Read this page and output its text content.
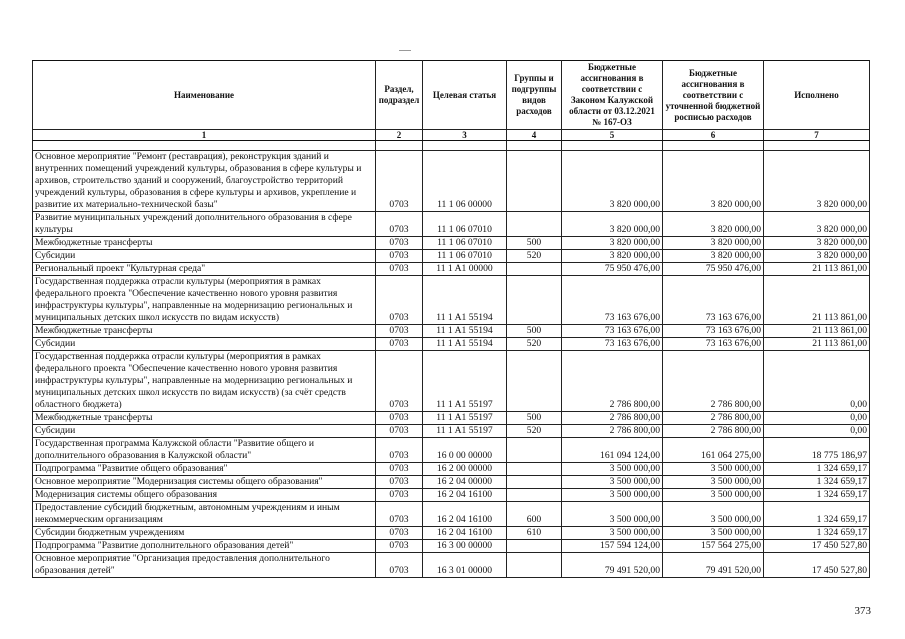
Наименование	Раздел, подраздел	Целевая статья	Группы и подгруппы видов расходов	Бюджетные ассигнования в соответствии с Законом Калужской области от 03.12.2021 № 167-ОЗ	Бюджетные ассигнования в соответствии с уточненной бюджетной росписью расходов	Исполнено
1	2	3	4	5	6	7

Основное мероприятие "Ремонт (реставрация), реконструкция зданий и внутренних помещений учреждений культуры, образования в сфере культуры и архивов, строительство зданий и сооружений, благоустройство территорий учреждений культуры, образования в сфере культуры и архивов, укрепление и развитие их материально-технической базы"	0703	11 1 06 00000		3 820 000,00	3 820 000,00	3 820 000,00
Развитие муниципальных учреждений дополнительного образования в сфере культуры	0703	11 1 06 07010		3 820 000,00	3 820 000,00	3 820 000,00
Межбюджетные трансферты	0703	11 1 06 07010	500	3 820 000,00	3 820 000,00	3 820 000,00
Субсидии	0703	11 1 06 07010	520	3 820 000,00	3 820 000,00	3 820 000,00
Региональный проект "Культурная среда"	0703	11 1 A1 00000		75 950 476,00	75 950 476,00	21 113 861,00
Государственная поддержка отрасли культуры (мероприятия в рамках федерального проекта "Обеспечение качественно нового уровня развития инфраструктуры культуры", направленные на модернизацию региональных и муниципальных детских школ искусств по видам искусств)	0703	11 1 A1 55194		73 163 676,00	73 163 676,00	21 113 861,00
Межбюджетные трансферты	0703	11 1 A1 55194	500	73 163 676,00	73 163 676,00	21 113 861,00
Субсидии	0703	11 1 A1 55194	520	73 163 676,00	73 163 676,00	21 113 861,00
Государственная поддержка отрасли культуры (мероприятия в рамках федерального проекта "Обеспечение качественно нового уровня развития инфраструктуры культуры", направленные на модернизацию региональных и муниципальных детских школ искусств по видам искусств) (за счёт средств областного бюджета)	0703	11 1 A1 55197		2 786 800,00	2 786 800,00	0,00
Межбюджетные трансферты	0703	11 1 A1 55197	500	2 786 800,00	2 786 800,00	0,00
Субсидии	0703	11 1 A1 55197	520	2 786 800,00	2 786 800,00	0,00
Государственная программа Калужской области "Развитие общего и дополнительного образования в Калужской области"	0703	16 0 00 00000		161 094 124,00	161 064 275,00	18 775 186,97
Подпрограмма "Развитие общего образования"	0703	16 2 00 00000		3 500 000,00	3 500 000,00	1 324 659,17
Основное мероприятие "Модернизация системы общего образования"	0703	16 2 04 00000		3 500 000,00	3 500 000,00	1 324 659,17
Модернизация системы общего образования	0703	16 2 04 16100		3 500 000,00	3 500 000,00	1 324 659,17
Предоставление субсидий бюджетным, автономным учреждениям и иным некоммерческим организациям	0703	16 2 04 16100	600	3 500 000,00	3 500 000,00	1 324 659,17
Субсидии бюджетным учреждениям	0703	16 2 04 16100	610	3 500 000,00	3 500 000,00	1 324 659,17
Подпрограмма "Развитие дополнительного образования детей"	0703	16 3 00 00000		157 594 124,00	157 564 275,00	17 450 527,80
Основное мероприятие "Организация предоставления дополнительного образования детей"	0703	16 3 01 00000		79 491 520,00	79 491 520,00	17 450 527,80
373
